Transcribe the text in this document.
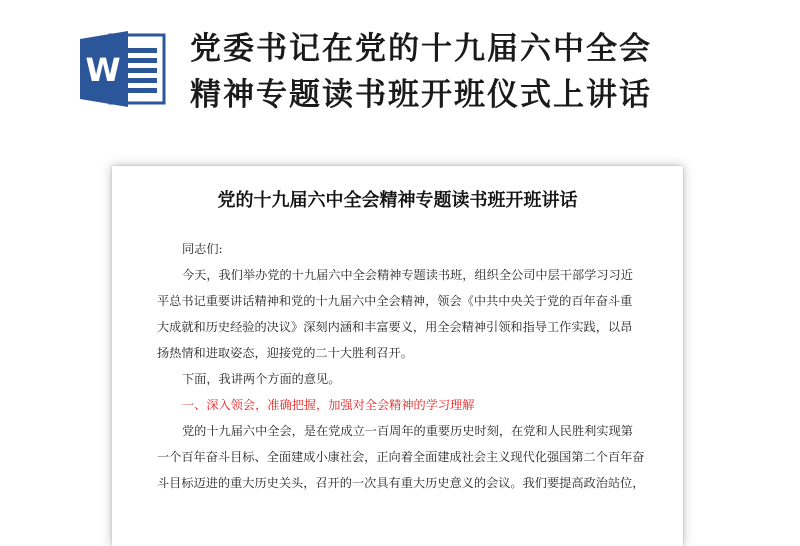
W
党委书记在党的十九届六中全会
精神专题读书班开班仪式上讲话
党的十九届六中全会精神专题读书班开班讲话
同志们:
今天，我们举办党的十九届六中全会精神专题读书班，组织全公司中层干部学习习近
平总书记重要讲话精神和党的十九届六中全会精神，领会《中共中央关于党的百年奋斗重
大成就和历史经验的决议》深刻内涵和丰富要义，用全会精神引领和指导工作实践，以昂
扬热情和进取姿态，迎接党的二十大胜利召开。
下面，我讲两个方面的意见。
一、深入领会，准确把握，加强对全会精神的学习理解
党的十九届六中全会，是在党成立一百周年的重要历史时刻，在党和人民胜利实现第
一个百年奋斗目标、全面建成小康社会，正向着全面建成社会主义现代化强国第二个百年奋
斗目标迈进的重大历史关头，召开的一次具有重大历史意义的会议。我们要提高政治站位，
